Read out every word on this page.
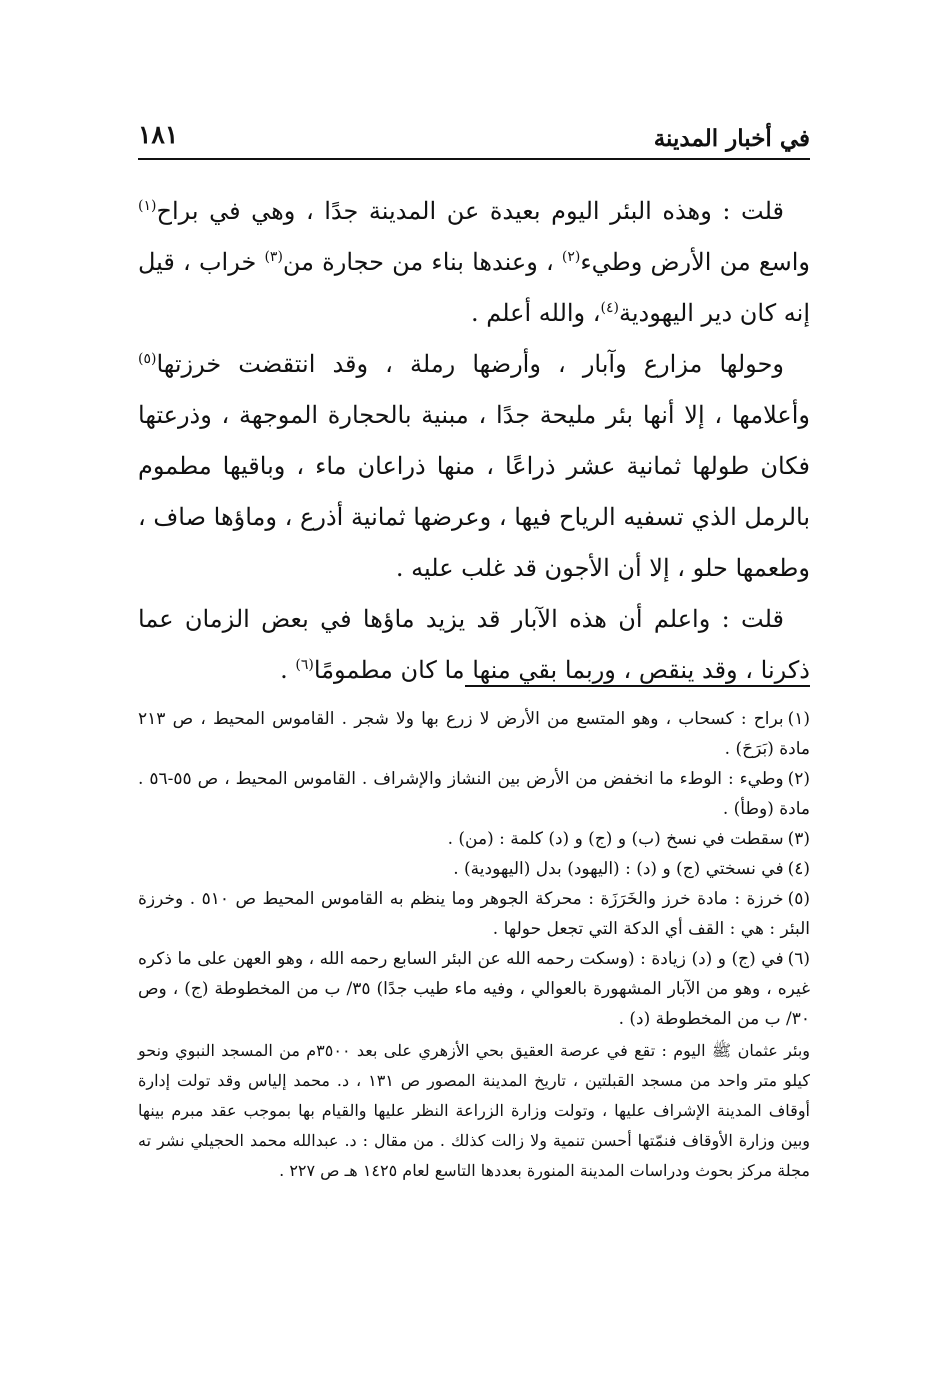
في أخبار المدينة
١٨١

قلت : وهذه البئر اليوم بعيدة عن المدينة جدًا ، وهي في براح$^{(١)}$ واسع من الأرض وطيء$^{(٢)}$ ، وعندها بناء من حجارة من$^{(٣)}$ خراب ، قيل إنه كان دير اليهودية$^{(٤)}$، والله أعلم .

وحولها مزارع وآبار ، وأرضها رملة ، وقد انتقضت خرزتها$^{(٥)}$ وأعلامها ، إلا أنها بئر مليحة جدًا ، مبنية بالحجارة الموجهة ، وذرعتها فكان طولها ثمانية عشر ذراعًا ، منها ذراعان ماء ، وباقيها مطموم بالرمل الذي تسفيه الرياح فيها ، وعرضها ثمانية أذرع ، وماؤها صاف ، وطعمها حلو ، إلا أن الأجون قد غلب عليه .

قلت : واعلم أن هذه الآبار قد يزيد ماؤها في بعض الزمان عما ذكرنا ، وقد ينقص ، وربما بقي منها ما كان مطمومًا$^{(٦)}$ .

(١)براح : كسحاب ، وهو المتسع من الأرض لا زرع بها ولا شجر . القاموس المحيط ، ص ٢١٣ مادة (بَرَحَ) .

(٢)وطيء : الوطء ما انخفض من الأرض بين النشاز والإشراف . القاموس المحيط ، ص ٥٥-٥٦ . مادة (وطأ) .

(٣)سقطت في نسخ (ب) و (ج) و (د) كلمة : (من) .

(٤)في نسختي (ج) و (د) : (اليهود) بدل (اليهودية) .

(٥)خرزة : مادة خرز والخَرَزَة : محركة الجوهر وما ينظم به القاموس المحيط ص ٥١٠ . وخرزة البئر : هي : القف أي الدكة التي تجعل حولها .

(٦)في (ج) و (د) زيادة : (وسكت رحمه الله عن البئر السابع رحمه الله ، وهو العهن على ما ذكره غيره ، وهو من الآبار المشهورة بالعوالي ، وفيه ماء طيب جدًا) ٣٥/ ب من المخطوطة (ج) ، وص ٣٠/ ب من المخطوطة (د) .

وبئر عثمان ﷺ اليوم : تقع في عرصة العقيق بحي الأزهري على بعد ٣٥٠٠م من المسجد النبوي ونحو كيلو متر واحد من مسجد القبلتين ، تاريخ المدينة المصور ص ١٣١ ، د. محمد إلياس وقد تولت إدارة أوقاف المدينة الإشراف عليها ، وتولت وزارة الزراعة النظر عليها والقيام بها بموجب عقد مبرم بينها وبين وزارة الأوقاف فنمّتها أحسن تنمية ولا زالت كذلك . من مقال : د. عبدالله محمد الحجيلي نشر ته مجلة مركز بحوث ودراسات المدينة المنورة بعددها التاسع لعام ١٤٢٥ هـ ص ٢٢٧ .
